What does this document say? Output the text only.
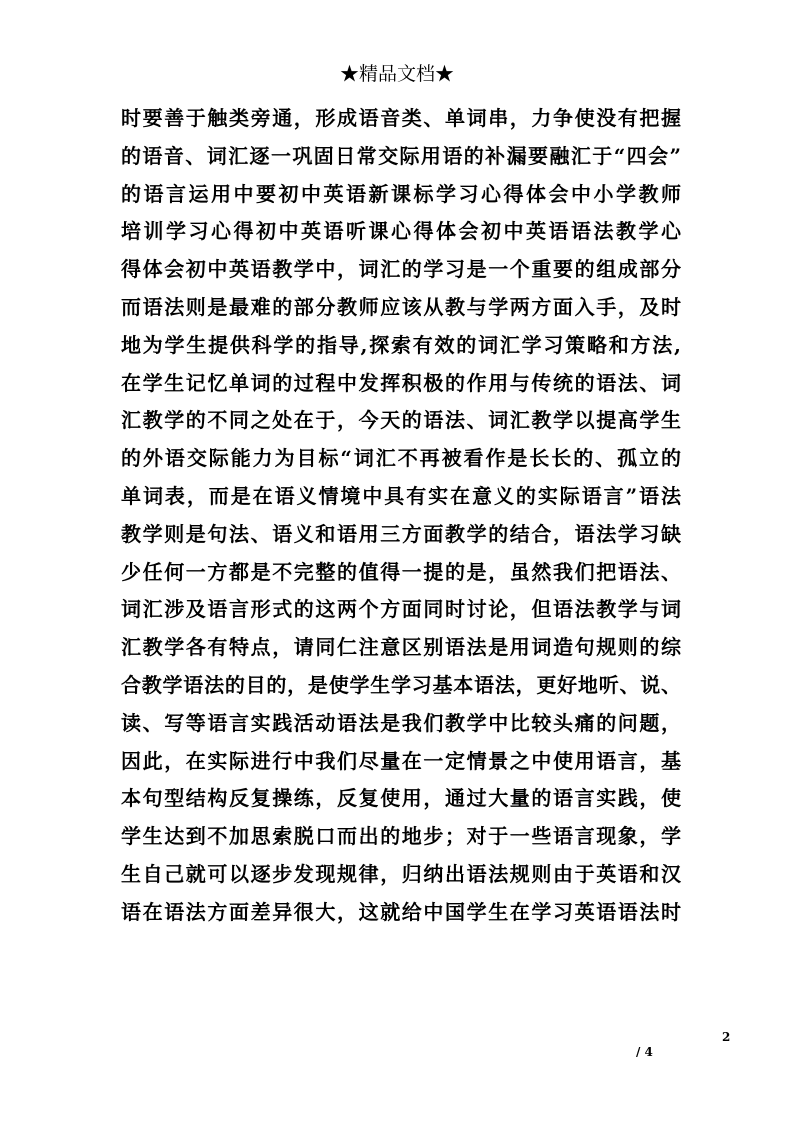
★精品文档★
时要善于触类旁通，形成语音类、单词串，力争使没有把握
的语音、词汇逐一巩固日常交际用语的补漏要融汇于“四会”
的语言运用中要初中英语新课标学习心得体会中小学教师
培训学习心得初中英语听课心得体会初中英语语法教学心
得体会初中英语教学中，词汇的学习是一个重要的组成部分
而语法则是最难的部分教师应该从教与学两方面入手，及时
地为学生提供科学的指导,探索有效的词汇学习策略和方法,
在学生记忆单词的过程中发挥积极的作用与传统的语法、词
汇教学的不同之处在于，今天的语法、词汇教学以提高学生
的外语交际能力为目标“词汇不再被看作是长长的、孤立的
单词表，而是在语义情境中具有实在意义的实际语言”语法
教学则是句法、语义和语用三方面教学的结合，语法学习缺
少任何一方都是不完整的值得一提的是，虽然我们把语法、
词汇涉及语言形式的这两个方面同时讨论，但语法教学与词
汇教学各有特点，请同仁注意区别语法是用词造句规则的综
合教学语法的目的，是使学生学习基本语法，更好地听、说、
读、写等语言实践活动语法是我们教学中比较头痛的问题，
因此，在实际进行中我们尽量在一定情景之中使用语言，基
本句型结构反复操练，反复使用，通过大量的语言实践，使
学生达到不加思索脱口而出的地步；对于一些语言现象，学
生自己就可以逐步发现规律，归纳出语法规则由于英语和汉
语在语法方面差异很大，这就给中国学生在学习英语语法时
2
/ 4
